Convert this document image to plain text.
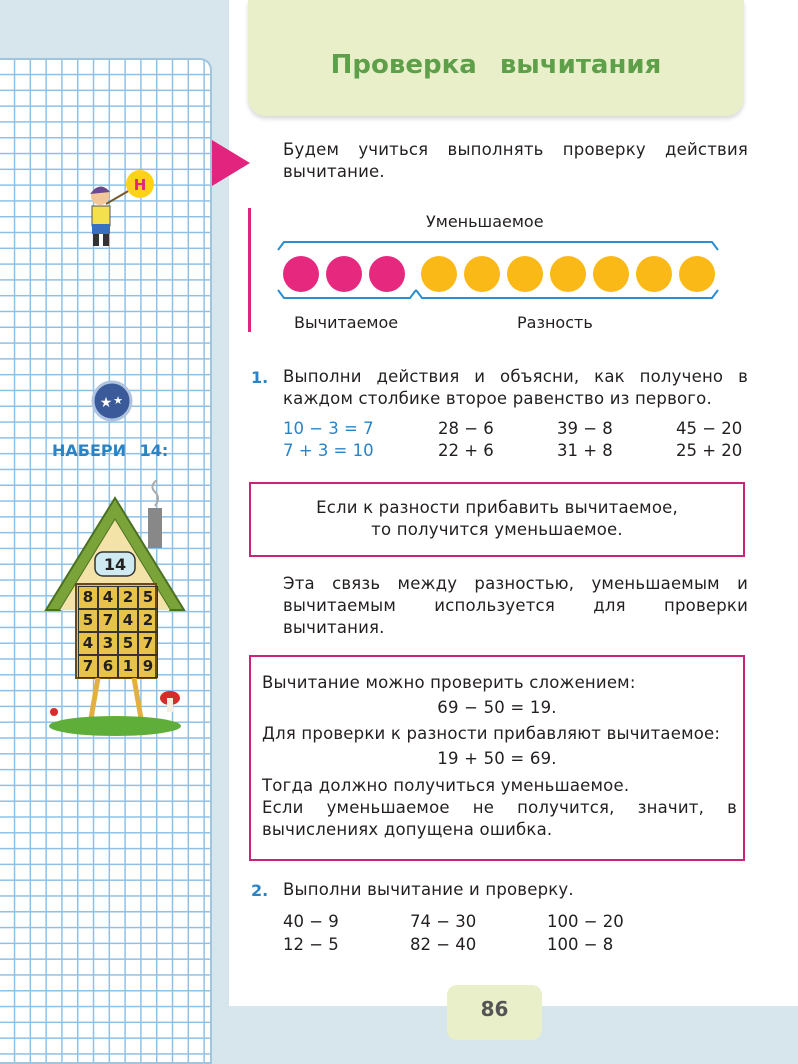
Проверка вычитания
Н
★ ★
НАБЕРИ 14:
14
8 4 2 5
5 7 4 2
4 3 5 7
7 6 1 9
Будем учиться выполнять проверку действия вычитание.
Уменьшаемое
Вычитаемое	Разность
1. Выполни действия и объясни, как получено в каждом столбике второе равенство из первого.
10 − 3 = 7
7 + 3 = 10
28 − 6
22 + 6
39 − 8
31 + 8
45 − 20
25 + 20
Если к разности прибавить вычитаемое,
то получится уменьшаемое.
Эта связь между разностью, уменьшаемым и вычитаемым используется для проверки вычитания.
Вычитание можно проверить сложением:
69 − 50 = 19.
Для проверки к разности прибавляют вычитаемое:
19 + 50 = 69.
Тогда должно получиться уменьшаемое.
Если уменьшаемое не получится, значит, в вычислениях допущена ошибка.
2. Выполни вычитание и проверку.
40 − 9
12 − 5
74 − 30
82 − 40
100 − 20
100 − 8
86
